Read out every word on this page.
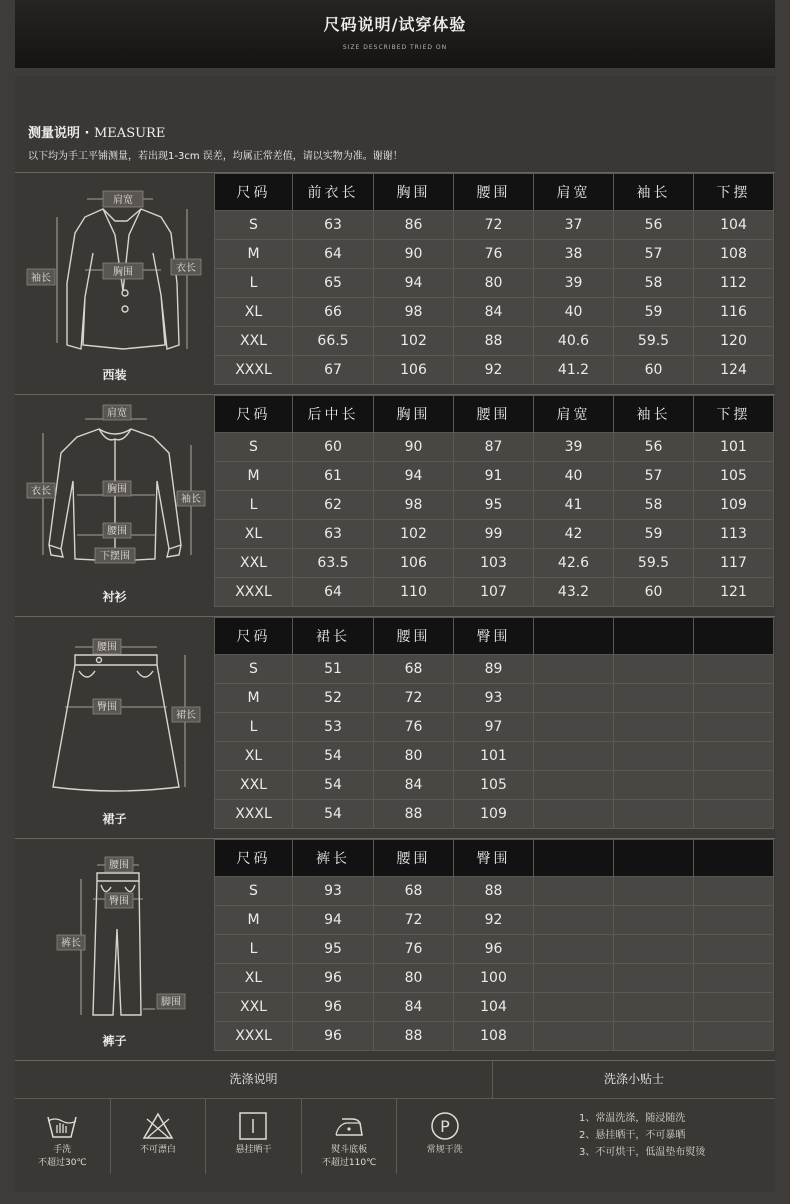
尺码说明/试穿体验
SIZE DESCRIBED TRIED ON
测量说明 · MEASURE
以下均为手工平铺测量，若出现1-3cm 误差，均属正常差值，请以实物为准。谢谢！
肩宽
袖长
胸围	衣长
西装
尺码	前衣长	胸围	腰围	肩宽	袖长	下摆
S	63	86	72	37	56	104
M	64	90	76	38	57	108
L	65	94	80	39	58	112
XL	66	98	84	40	59	116
XXL	66.5	102	88	40.6	59.5	120
XXXL	67	106	92	41.2	60	124
肩宽
衣长	胸围
袖长
腰围
下摆围
衬衫
尺码	后中长	胸围	腰围	肩宽	袖长	下摆
S	60	90	87	39	56	101
M	61	94	91	40	57	105
L	62	98	95	41	58	109
XL	63	102	99	42	59	113
XXL	63.5	106	103	42.6	59.5	117
XXXL	64	110	107	43.2	60	121
腰围
臀围
裙长
裙子
尺码	裙长	腰围	臀围			
S	51	68	89			
M	52	72	93			
L	53	76	97			
XL	54	80	101			
XXL	54	84	105			
XXXL	54	88	109			
腰围
臀围
裤长
脚围
裤子
尺码	裤长	腰围	臀围			
S	93	68	88			
M	94	72	92			
L	95	76	96			
XL	96	80	100			
XXL	96	84	104			
XXXL	96	88	108			
洗涤说明	洗涤小贴士
手洗
不超过30℃
不可漂白	悬挂晒干	熨斗底板
不超过110℃
P
常规干洗
1、常温洗涤，随浸随洗
2、悬挂晒干，不可暴晒
3、不可烘干，低温垫布熨烫
